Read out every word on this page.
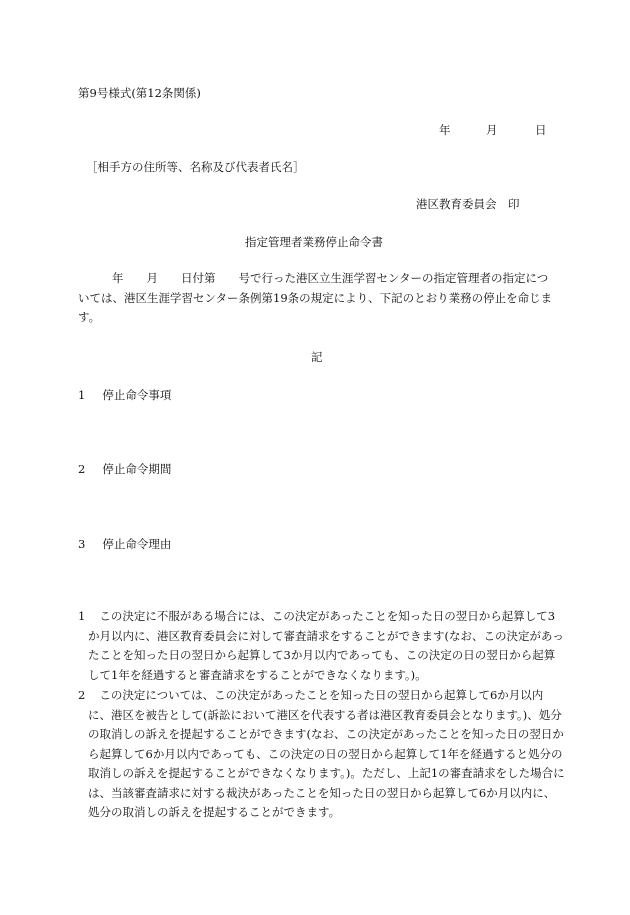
第9号様式(第12条関係)
年	月	日
［相手方の住所等、名称及び代表者氏名］
港区教育委員会　印
指定管理者業務停止命令書
年　　月　　日付第　　号で行った港区立生涯学習センターの指定管理者の指定については、港区生涯学習センター条例第19条の規定により、下記のとおり業務の停止を命じます。
記
1 停止命令事項
2 停止命令期間
3 停止命令理由
1 この決定に不服がある場合には、この決定があったことを知った日の翌日から起算して3か月以内に、港区教育委員会に対して審査請求をすることができます(なお、この決定があったことを知った日の翌日から起算して3か月以内であっても、この決定の日の翌日から起算して1年を経過すると審査請求をすることができなくなります。)。
2 この決定については、この決定があったことを知った日の翌日から起算して6か月以内に、港区を被告として(訴訟において港区を代表する者は港区教育委員会となります。)、処分の取消しの訴えを提起することができます(なお、この決定があったことを知った日の翌日から起算して6か月以内であっても、この決定の日の翌日から起算して1年を経過すると処分の取消しの訴えを提起することができなくなります。)。ただし、上記1の審査請求をした場合には、当該審査請求に対する裁決があったことを知った日の翌日から起算して6か月以内に、処分の取消しの訴えを提起することができます。
